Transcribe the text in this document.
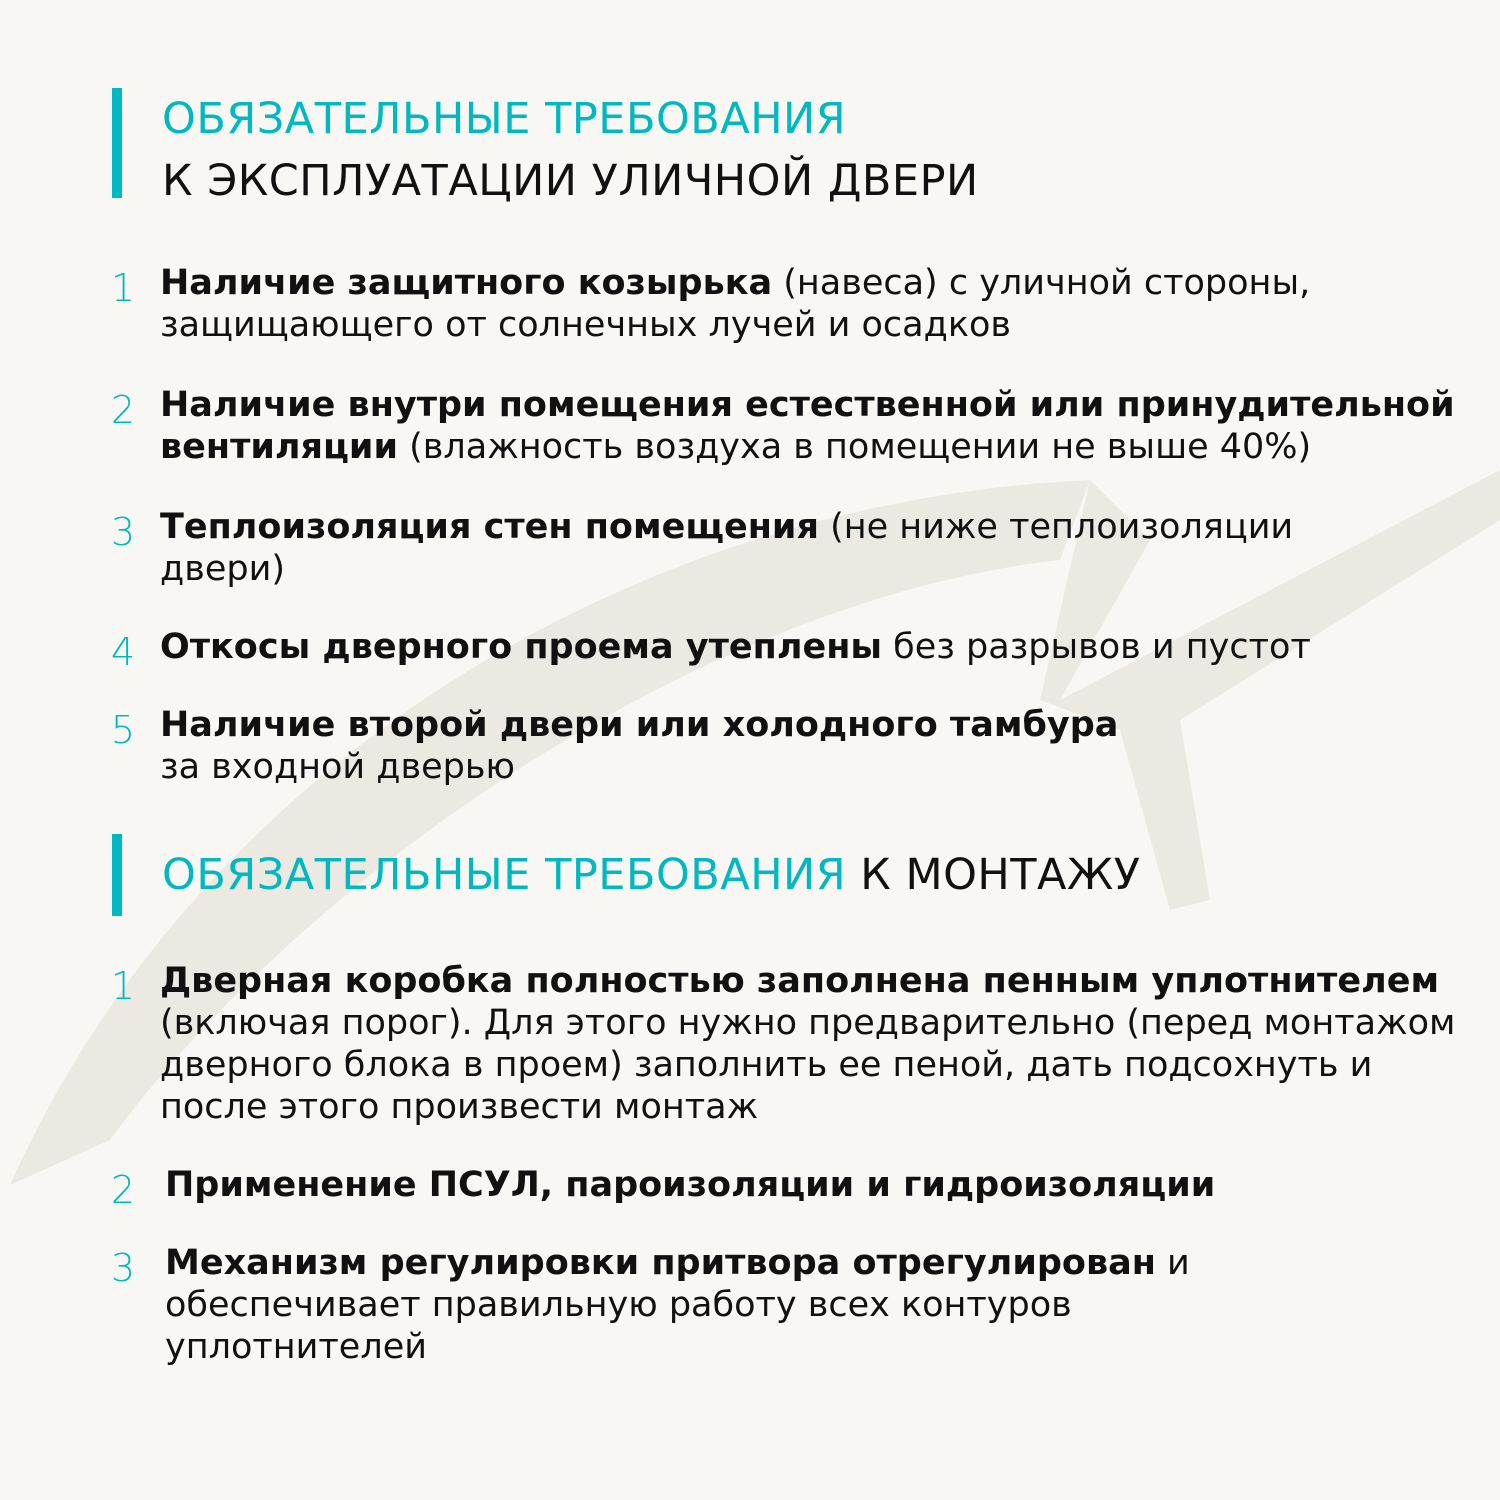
ОБЯЗАТЕЛЬНЫЕ ТРЕБОВАНИЯ
К ЭКСПЛУАТАЦИИ УЛИЧНОЙ ДВЕРИ
1 Наличие защитного козырька (навеса) с уличной стороны, защищающего от солнечных лучей и осадков
2 Наличие внутри помещения естественной или принудительной вентиляции (влажность воздуха в помещении не выше 40%)
3 Теплоизоляция стен помещения (не ниже теплоизоляции двери)
4 Откосы дверного проема утеплены без разрывов и пустот
5 Наличие второй двери или холодного тамбура за входной дверью
ОБЯЗАТЕЛЬНЫЕ ТРЕБОВАНИЯ К МОНТАЖУ
1 Дверная коробка полностью заполнена пенным уплотнителем (включая порог). Для этого нужно предварительно (перед монтажом дверного блока в проем) заполнить ее пеной, дать подсохнуть и после этого произвести монтаж
2 Применение ПСУЛ, пароизоляции и гидроизоляции
3 Механизм регулировки притвора отрегулирован и обеспечивает правильную работу всех контуров уплотнителей
